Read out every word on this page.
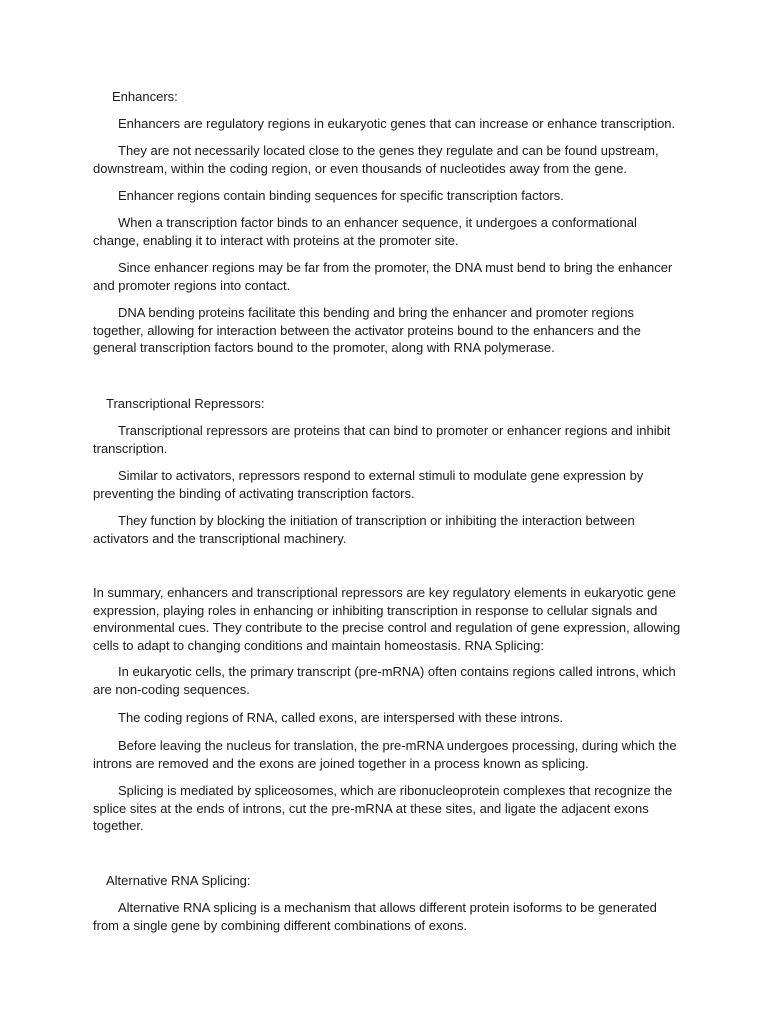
Enhancers:

Enhancers are regulatory regions in eukaryotic genes that can increase or enhance transcription.

They are not necessarily located close to the genes they regulate and can be found upstream, downstream, within the coding region, or even thousands of nucleotides away from the gene.

Enhancer regions contain binding sequences for specific transcription factors.

When a transcription factor binds to an enhancer sequence, it undergoes a conformational change, enabling it to interact with proteins at the promoter site.

Since enhancer regions may be far from the promoter, the DNA must bend to bring the enhancer and promoter regions into contact.

DNA bending proteins facilitate this bending and bring the enhancer and promoter regions together, allowing for interaction between the activator proteins bound to the enhancers and the general transcription factors bound to the promoter, along with RNA polymerase.

Transcriptional Repressors:

Transcriptional repressors are proteins that can bind to promoter or enhancer regions and inhibit transcription.

Similar to activators, repressors respond to external stimuli to modulate gene expression by preventing the binding of activating transcription factors.

They function by blocking the initiation of transcription or inhibiting the interaction between activators and the transcriptional machinery.

In summary, enhancers and transcriptional repressors are key regulatory elements in eukaryotic gene expression, playing roles in enhancing or inhibiting transcription in response to cellular signals and environmental cues. They contribute to the precise control and regulation of gene expression, allowing cells to adapt to changing conditions and maintain homeostasis. RNA Splicing:

In eukaryotic cells, the primary transcript (pre-mRNA) often contains regions called introns, which are non-coding sequences.

The coding regions of RNA, called exons, are interspersed with these introns.

Before leaving the nucleus for translation, the pre-mRNA undergoes processing, during which the introns are removed and the exons are joined together in a process known as splicing.

Splicing is mediated by spliceosomes, which are ribonucleoprotein complexes that recognize the splice sites at the ends of introns, cut the pre-mRNA at these sites, and ligate the adjacent exons together.

Alternative RNA Splicing:

Alternative RNA splicing is a mechanism that allows different protein isoforms to be generated from a single gene by combining different combinations of exons.
